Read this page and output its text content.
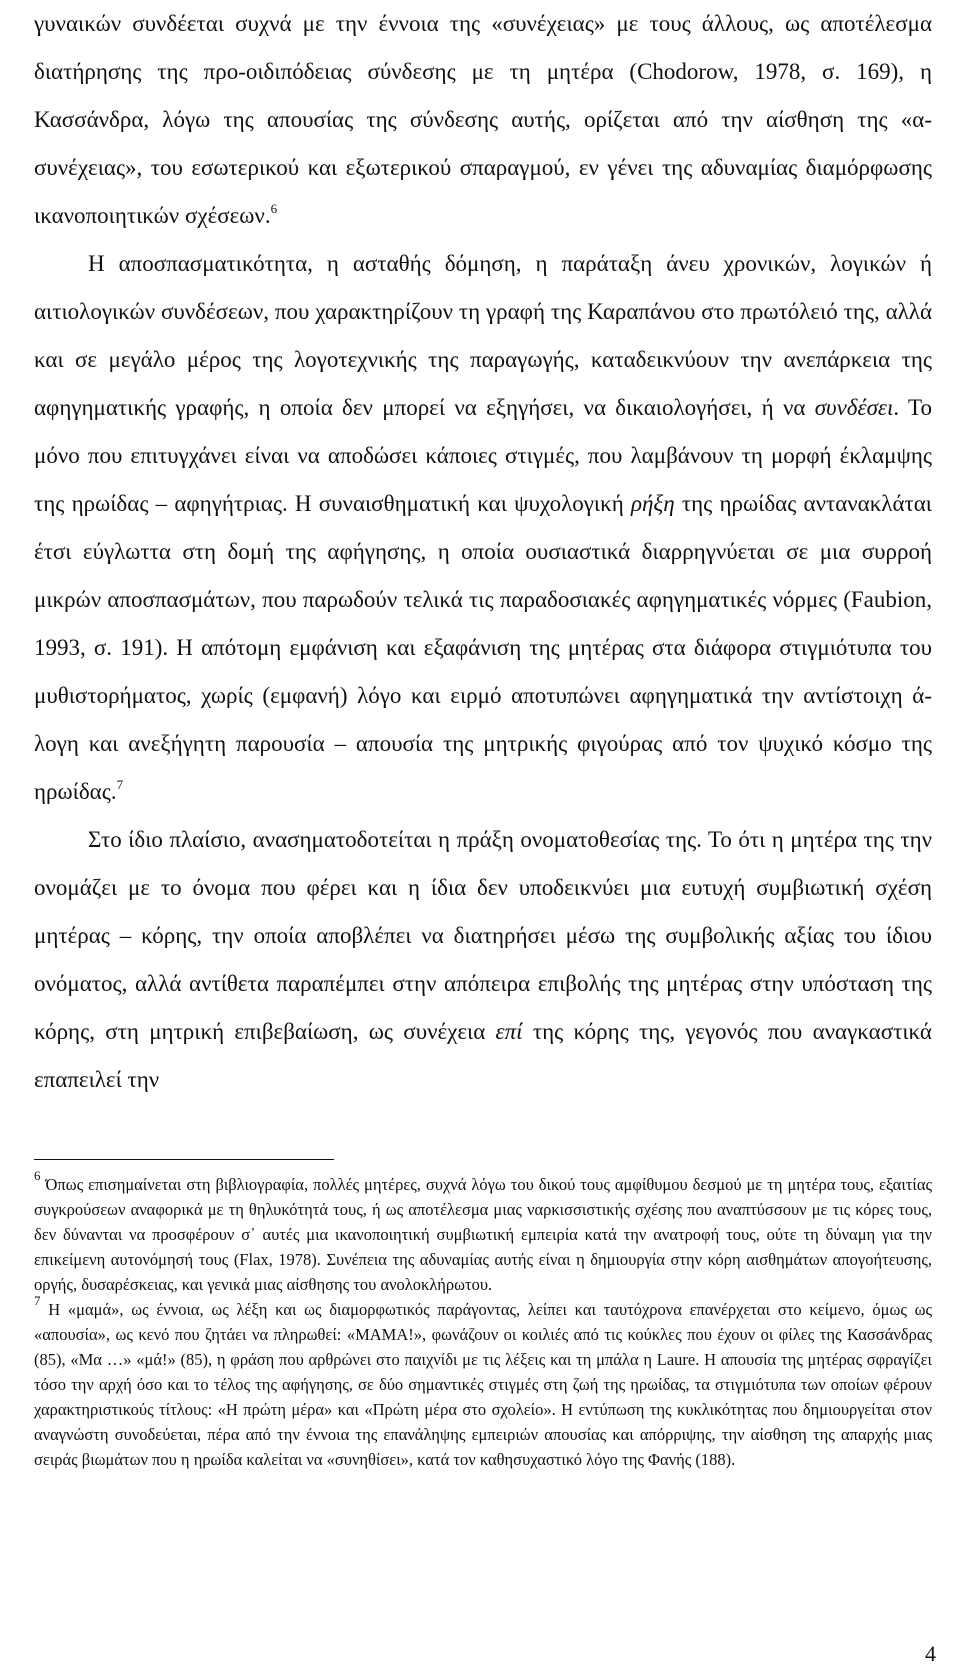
γυναικών συνδέεται συχνά με την έννοια της «συνέχειας» με τους άλλους, ως αποτέλεσμα διατήρησης της προ-οιδιπόδειας σύνδεσης με τη μητέρα (Chodorow, 1978, σ. 169), η Κασσάνδρα, λόγω της απουσίας της σύνδεσης αυτής, ορίζεται από την αίσθηση της «α-συνέχειας», του εσωτερικού και εξωτερικού σπαραγμού, εν γένει της αδυναμίας διαμόρφωσης ικανοποιητικών σχέσεων.$^6$

Η αποσπασματικότητα, η ασταθής δόμηση, η παράταξη άνευ χρονικών, λογικών ή αιτιολογικών συνδέσεων, που χαρακτηρίζουν τη γραφή της Καραπάνου στο πρωτόλειό της, αλλά και σε μεγάλο μέρος της λογοτεχνικής της παραγωγής, καταδεικνύουν την ανεπάρκεια της αφηγηματικής γραφής, η οποία δεν μπορεί να εξηγήσει, να δικαιολογήσει, ή να συνδέσει. Το μόνο που επιτυγχάνει είναι να αποδώσει κάποιες στιγμές, που λαμβάνουν τη μορφή έκλαμψης της ηρωίδας – αφηγήτριας. Η συναισθηματική και ψυχολογική ρήξη της ηρωίδας αντανακλάται έτσι εύγλωττα στη δομή της αφήγησης, η οποία ουσιαστικά διαρρηγνύεται σε μια συρροή μικρών αποσπασμάτων, που παρωδούν τελικά τις παραδοσιακές αφηγηματικές νόρμες (Faubion, 1993, σ. 191). Η απότομη εμφάνιση και εξαφάνιση της μητέρας στα διάφορα στιγμιότυπα του μυθιστορήματος, χωρίς (εμφανή) λόγο και ειρμό αποτυπώνει αφηγηματικά την αντίστοιχη ά-λογη και ανεξήγητη παρουσία – απουσία της μητρικής φιγούρας από τον ψυχικό κόσμο της ηρωίδας.$^7$

Στο ίδιο πλαίσιο, ανασηματοδοτείται η πράξη ονοματοθεσίας της. Το ότι η μητέρα της την ονομάζει με το όνομα που φέρει και η ίδια δεν υποδεικνύει μια ευτυχή συμβιωτική σχέση μητέρας – κόρης, την οποία αποβλέπει να διατηρήσει μέσω της συμβολικής αξίας του ίδιου ονόματος, αλλά αντίθετα παραπέμπει στην απόπειρα επιβολής της μητέρας στην υπόσταση της κόρης, στη μητρική επιβεβαίωση, ως συνέχεια επί της κόρης της, γεγονός που αναγκαστικά επαπειλεί την

$^6$ Όπως επισημαίνεται στη βιβλιογραφία, πολλές μητέρες, συχνά λόγω του δικού τους αμφίθυμου δεσμού με τη μητέρα τους, εξαιτίας συγκρούσεων αναφορικά με τη θηλυκότητά τους, ή ως αποτέλεσμα μιας ναρκισσιστικής σχέσης που αναπτύσσουν με τις κόρες τους, δεν δύνανται να προσφέρουν σ᾽ αυτές μια ικανοποιητική συμβιωτική εμπειρία κατά την ανατροφή τους, ούτε τη δύναμη για την επικείμενη αυτονόμησή τους (Flax, 1978). Συνέπεια της αδυναμίας αυτής είναι η δημιουργία στην κόρη αισθημάτων απογοήτευσης, οργής, δυσαρέσκειας, και γενικά μιας αίσθησης του ανολοκλήρωτου.

$^7$ Η «μαμά», ως έννοια, ως λέξη και ως διαμορφωτικός παράγοντας, λείπει και ταυτόχρονα επανέρχεται στο κείμενο, όμως ως «απουσία», ως κενό που ζητάει να πληρωθεί: «ΜΑΜΑ!», φωνάζουν οι κοιλιές από τις κούκλες που έχουν οι φίλες της Κασσάνδρας (85), «Μα …» «μά!» (85), η φράση που αρθρώνει στο παιχνίδι με τις λέξεις και τη μπάλα η Laure. Η απουσία της μητέρας σφραγίζει τόσο την αρχή όσο και το τέλος της αφήγησης, σε δύο σημαντικές στιγμές στη ζωή της ηρωίδας, τα στιγμιότυπα των οποίων φέρουν χαρακτηριστικούς τίτλους: «Η πρώτη μέρα» και «Πρώτη μέρα στο σχολείο». Η εντύπωση της κυκλικότητας που δημιουργείται στον αναγνώστη συνοδεύεται, πέρα από την έννοια της επανάληψης εμπειριών απουσίας και απόρριψης, την αίσθηση της απαρχής μιας σειράς βιωμάτων που η ηρωίδα καλείται να «συνηθίσει», κατά τον καθησυχαστικό λόγο της Φανής (188).

4
